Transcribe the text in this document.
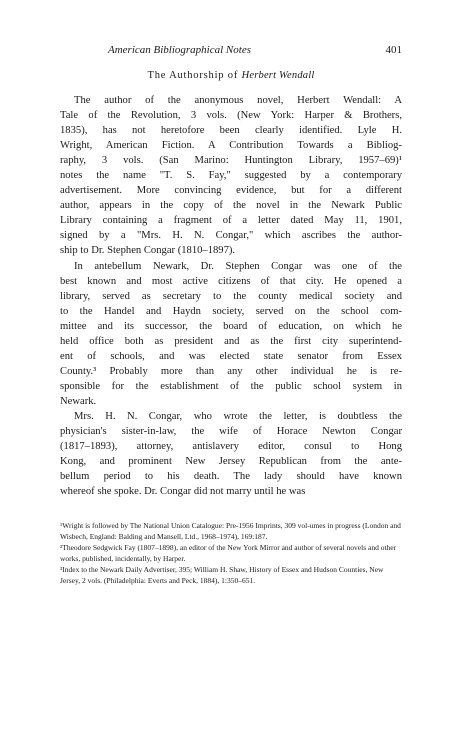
American Bibliographical Notes	401
The Authorship of Herbert Wendall
The author of the anonymous novel, Herbert Wendall: A
Tale of the Revolution, 3 vols. (New York: Harper & Brothers,
1835), has not heretofore been clearly identified. Lyle H.
Wright, American Fiction. A Contribution Towards a Bibliog-
raphy, 3 vols. (San Marino: Huntington Library, 1957–69)¹
notes the name "T. S. Fay," suggested by a contemporary
advertisement. More convincing evidence, but for a different
author, appears in the copy of the novel in the Newark Public
Library containing a fragment of a letter dated May 11, 1901,
signed by a "Mrs. H. N. Congar," which ascribes the author-
ship to Dr. Stephen Congar (1810–1897).
In antebellum Newark, Dr. Stephen Congar was one of the
best known and most active citizens of that city. He opened a
library, served as secretary to the county medical society and
to the Handel and Haydn society, served on the school com-
mittee and its successor, the board of education, on which he
held office both as president and as the first city superintend-
ent of schools, and was elected state senator from Essex
County.³ Probably more than any other individual he is re-
sponsible for the establishment of the public school system in
Newark.
Mrs. H. N. Congar, who wrote the letter, is doubtless the
physician's sister-in-law, the wife of Horace Newton Congar
(1817–1893), attorney, antislavery editor, consul to Hong
Kong, and prominent New Jersey Republican from the ante-
bellum period to his death. The lady should have known
whereof she spoke. Dr. Congar did not marry until he was

¹Wright is followed by The National Union Catalogue: Pre-1956 Imprints, 309 vol-umes in progress (London and Wisbech, England: Balding and Mansell, Ltd., 1968–1974), 169:187.

²Theodore Sedgwick Fay (1807–1898), an editor of the New York Mirror and author of several novels and other works, published, incidentally, by Harper.

³Index to the Newark Daily Advertiser, 395; William H. Shaw, History of Essex and Hudson Counties, New Jersey, 2 vols. (Philadelphia: Everts and Peck, 1884), 1:350–651.
